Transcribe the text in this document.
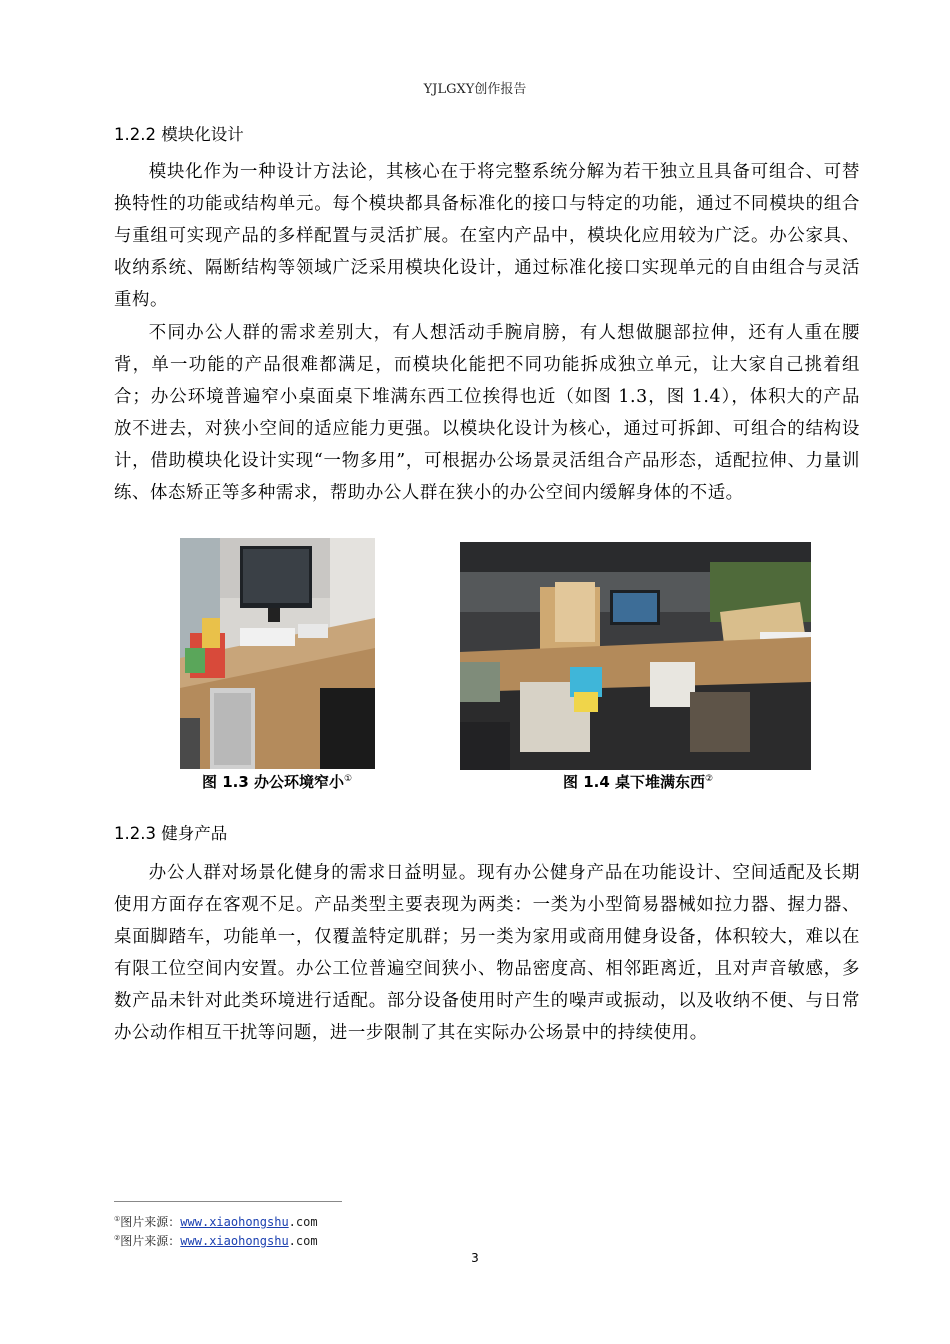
YJLGXY创作报告
1.2.2 模块化设计

模块化作为一种设计方法论，其核心在于将完整系统分解为若干独立且具备可组合、可替换特性的功能或结构单元。每个模块都具备标准化的接口与特定的功能，通过不同模块的组合与重组可实现产品的多样配置与灵活扩展。在室内产品中，模块化应用较为广泛。办公家具、收纳系统、隔断结构等领域广泛采用模块化设计，通过标准化接口实现单元的自由组合与灵活重构。

不同办公人群的需求差别大，有人想活动手腕肩膀，有人想做腿部拉伸，还有人重在腰背，单一功能的产品很难都满足，而模块化能把不同功能拆成独立单元，让大家自己挑着组合；办公环境普遍窄小桌面桌下堆满东西工位挨得也近（如图 1.3，图 1.4），体积大的产品放不进去，对狭小空间的适应能力更强。以模块化设计为核心，通过可拆卸、可组合的结构设计，借助模块化设计实现“一物多用”，可根据办公场景灵活组合产品形态，适配拉伸、力量训练、体态矫正等多种需求，帮助办公人群在狭小的办公空间内缓解身体的不适。

图 1.3 办公环境窄小①	图 1.4 桌下堆满东西②
1.2.3 健身产品

办公人群对场景化健身的需求日益明显。现有办公健身产品在功能设计、空间适配及长期使用方面存在客观不足。产品类型主要表现为两类：一类为小型简易器械如拉力器、握力器、桌面脚踏车，功能单一，仅覆盖特定肌群；另一类为家用或商用健身设备，体积较大，难以在有限工位空间内安置。办公工位普遍空间狭小、物品密度高、相邻距离近，且对声音敏感，多数产品未针对此类环境进行适配。部分设备使用时产生的噪声或振动，以及收纳不便、与日常办公动作相互干扰等问题，进一步限制了其在实际办公场景中的持续使用。

①图片来源：www.xiaohongshu.com
②图片来源：www.xiaohongshu.com
3
